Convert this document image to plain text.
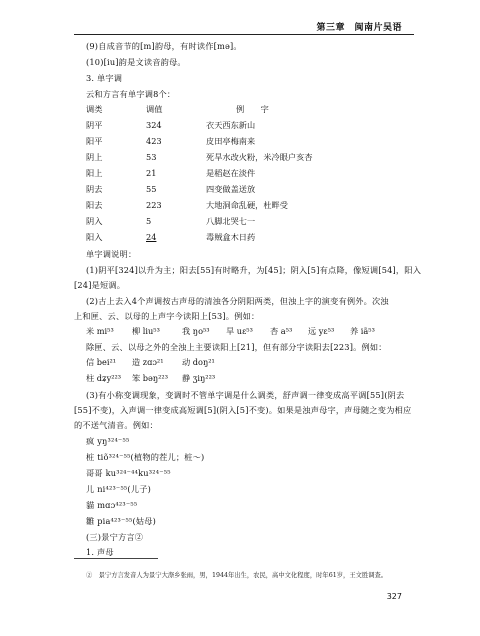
第三章　闽南片吴语
(9)自成音节的[m]韵母，有时读作[mə]。
(10)[iu]韵是文读音韵母。
3. 单字调
云和方言有单字调8个：
调类	调值	例　　字
阴平	324	衣天西东新山
阳平	423	皮田亭梅南来
阴上	53	死旱水改火粉，米冷眼户亥杏
阳上	21	是稻赵在淡件
阴去	55	四变做盖送放
阳去	223	大地洞命乱硬，杜畔受
阴入	5	八脚北哭七一
阳入	24	毒贼盒木日药
单字调说明：
(1)阴平[324]以升为主；阳去[55]有时略升，为[45]；阴入[5]有点降，像短调[54]，阳入
[24]是短调。
(2)古上去入4个声调按古声母的清浊各分阴阳两类，但浊上字的演变有例外。次浊
上和匣、云、以母的上声字今读阳上[53]。例如：
米 mi⁵³ 柳 liu⁵³	我 ŋo⁵³ 旱 uɛ⁵³ 杏 a⁵³ 远 yɛ⁵³ 养 iã⁵³
除匣、云、以母之外的全浊上主要读阳上[21]，但有部分字读阳去[223]。例如：
信 bei²¹ 造 zɑɔ²¹ 动 doŋ²¹
柱 dʑy²²³ 笨 bəŋ²²³ 静 ʒiŋ²²³
(3)有小称变调现象，变调时不管单字调是什么调类，舒声调一律变成高平调[55](阴去
[55]不变)，入声调一律变成高短调[5](阴入[5]不变)。如果是浊声母字，声母随之变为相应
的不送气清音。例如：
疯 yŋ³²⁴⁻⁵⁵
桩 tiõ³²⁴⁻⁵⁵(植物的茬儿；桩～)
哥哥 ku³²⁴⁻⁴⁴ku³²⁴⁻⁵⁵
儿 ni⁴²³⁻⁵⁵(儿子)
貓 mɑɔ⁴²³⁻⁵⁵
雛 pia⁴²³⁻⁵⁵(姑母)
(三)景宁方言②
1. 声母
②　景宁方言发音人为景宁大漈乡张雨，男，1944年出生，农民，高中文化程度，时年61岁，王文胜调查。
327
